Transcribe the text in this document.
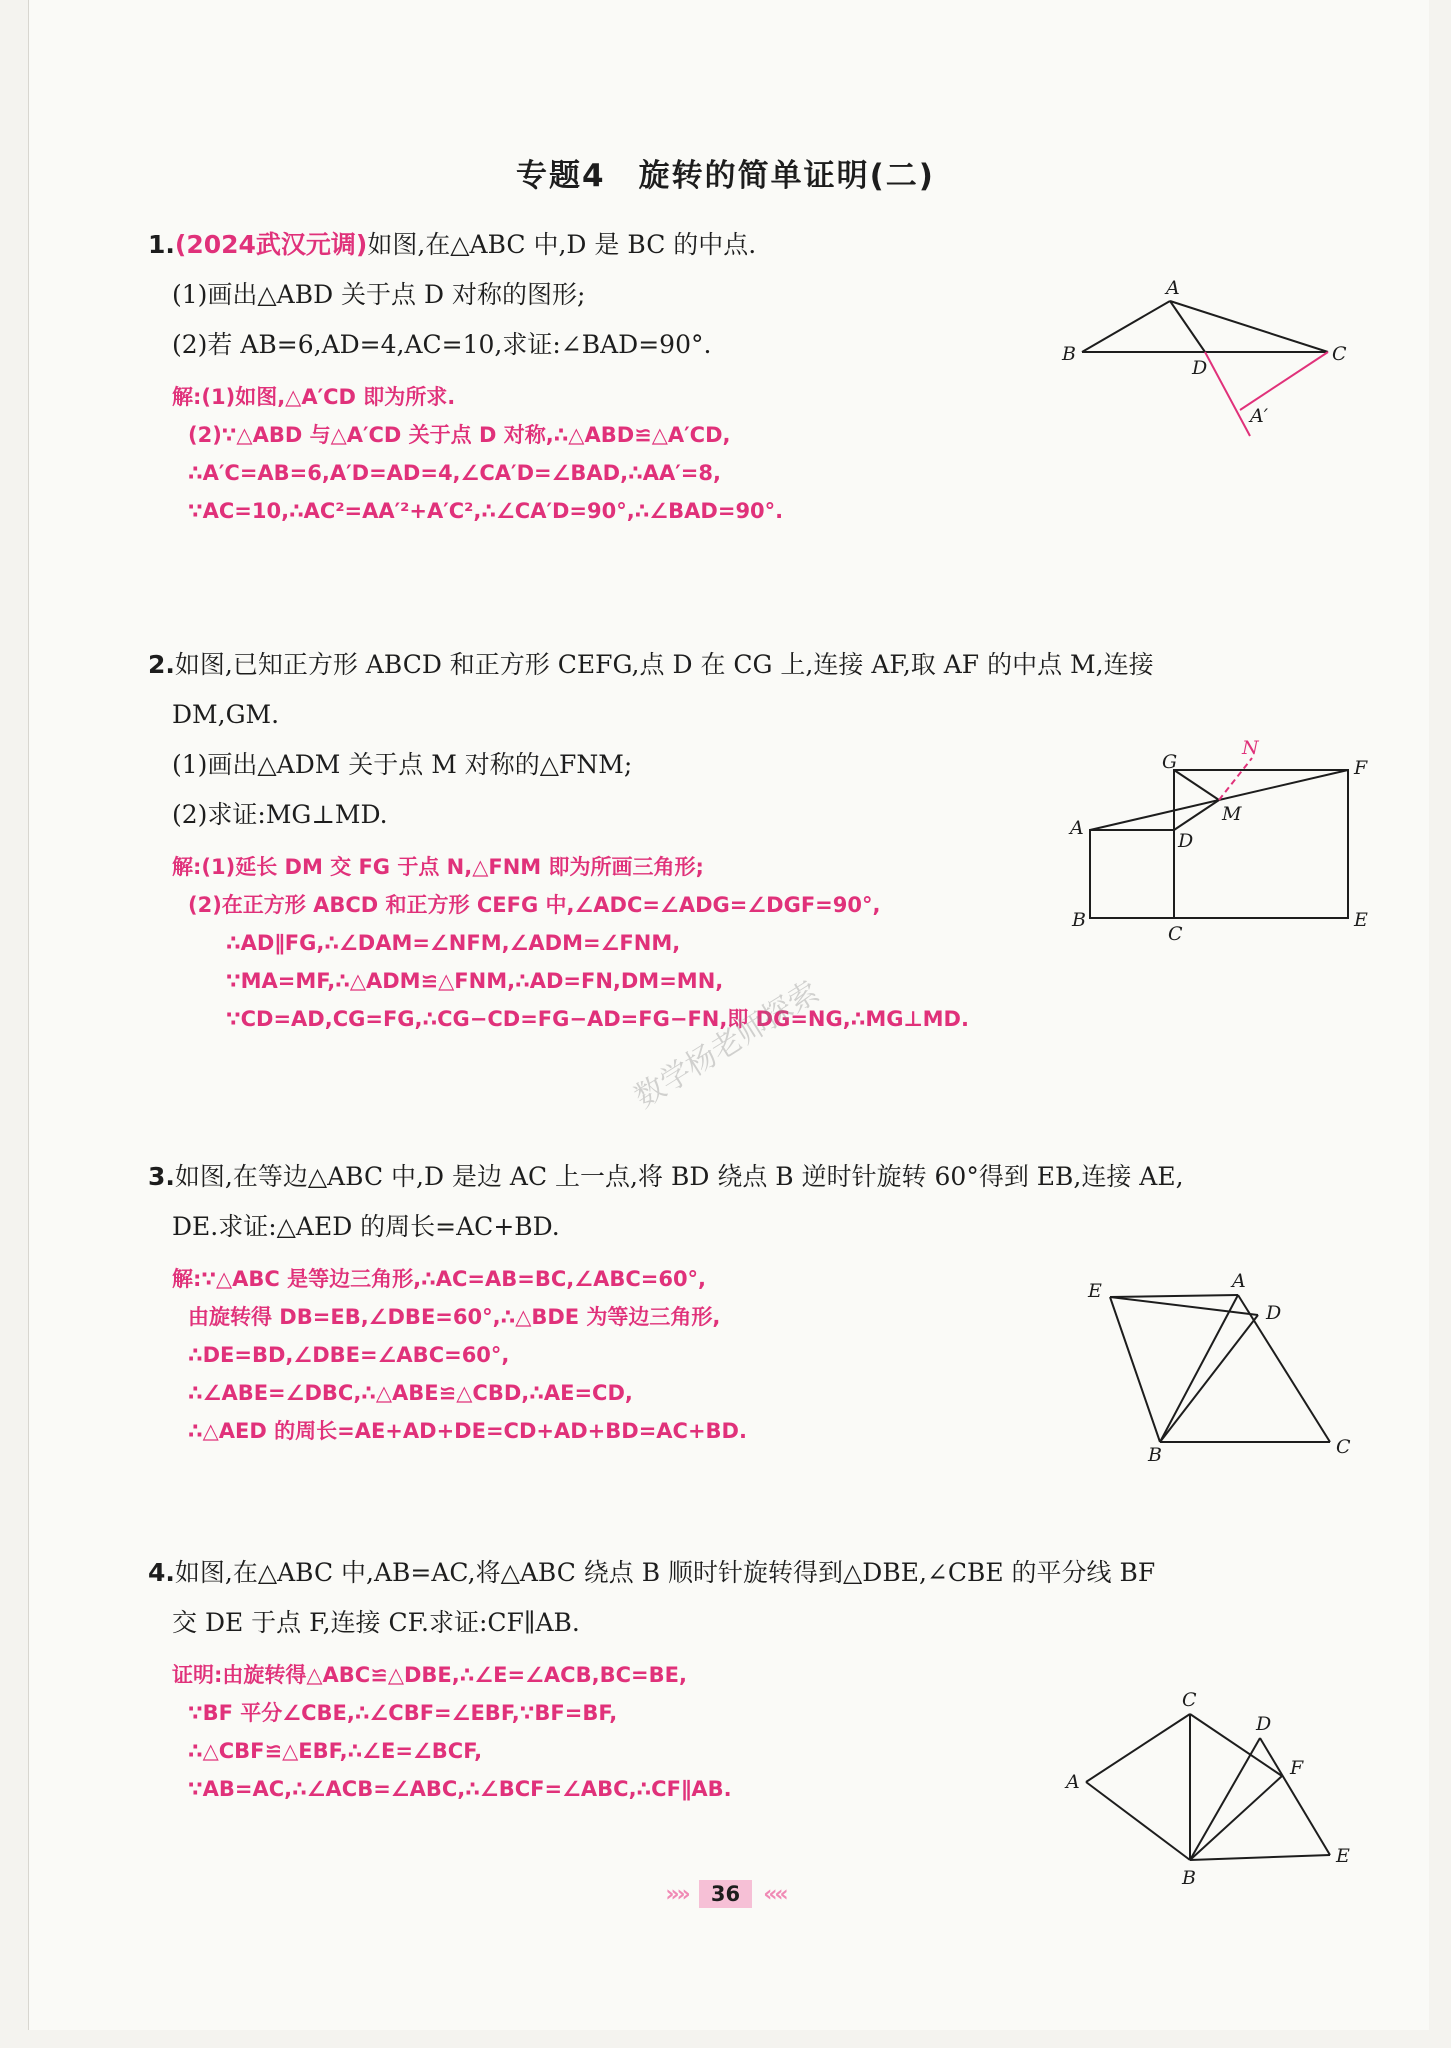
专题4　旋转的简单证明(二)

1.(2024武汉元调)如图,在△ABC 中,D 是 BC 的中点.

(1)画出△ABD 关于点 D 对称的图形;

(2)若 AB=6,AD=4,AC=10,求证:∠BAD=90°.

解:(1)如图,△A′CD 即为所求.

(2)∵△ABD 与△A′CD 关于点 D 对称,∴△ABD≌△A′CD,

∴A′C=AB=6,A′D=AD=4,∠CA′D=∠BAD,∴AA′=8,

∵AC=10,∴AC²=AA′²+A′C²,∴∠CA′D=90°,∴∠BAD=90°.

A
B	C
D
A′

2.如图,已知正方形 ABCD 和正方形 CEFG,点 D 在 CG 上,连接 AF,取 AF 的中点 M,连接

DM,GM.

(1)画出△ADM 关于点 M 对称的△FNM;

(2)求证:MG⊥MD.

解:(1)延长 DM 交 FG 于点 N,△FNM 即为所画三角形;

(2)在正方形 ABCD 和正方形 CEFG 中,∠ADC=∠ADG=∠DGF=90°,

∴AD∥FG,∴∠DAM=∠NFM,∠ADM=∠FNM,

∵MA=MF,∴△ADM≌△FNM,∴AD=FN,DM=MN,

∵CD=AD,CG=FG,∴CG−CD=FG−AD=FG−FN,即 DG=NG,∴MG⊥MD.

G
N
F
A
M
D
B
C
E
数学杨老师探索

3.如图,在等边△ABC 中,D 是边 AC 上一点,将 BD 绕点 B 逆时针旋转 60°得到 EB,连接 AE,

DE.求证:△AED 的周长=AC+BD.

解:∵△ABC 是等边三角形,∴AC=AB=BC,∠ABC=60°,

由旋转得 DB=EB,∠DBE=60°,∴△BDE 为等边三角形,

∴DE=BD,∠DBE=∠ABC=60°,

∴∠ABE=∠DBC,∴△ABE≌△CBD,∴AE=CD,

∴△AED 的周长=AE+AD+DE=CD+AD+BD=AC+BD.

E	A
D
B	C

4.如图,在△ABC 中,AB=AC,将△ABC 绕点 B 顺时针旋转得到△DBE,∠CBE 的平分线 BF

交 DE 于点 F,连接 CF.求证:CF∥AB.

证明:由旋转得△ABC≌△DBE,∴∠E=∠ACB,BC=BE,

∵BF 平分∠CBE,∴∠CBF=∠EBF,∵BF=BF,

∴△CBF≌△EBF,∴∠E=∠BCF,

∵AB=AC,∴∠ACB=∠ABC,∴∠BCF=∠ABC,∴CF∥AB.

C
D
F
A
B
E
»» 36 ««
